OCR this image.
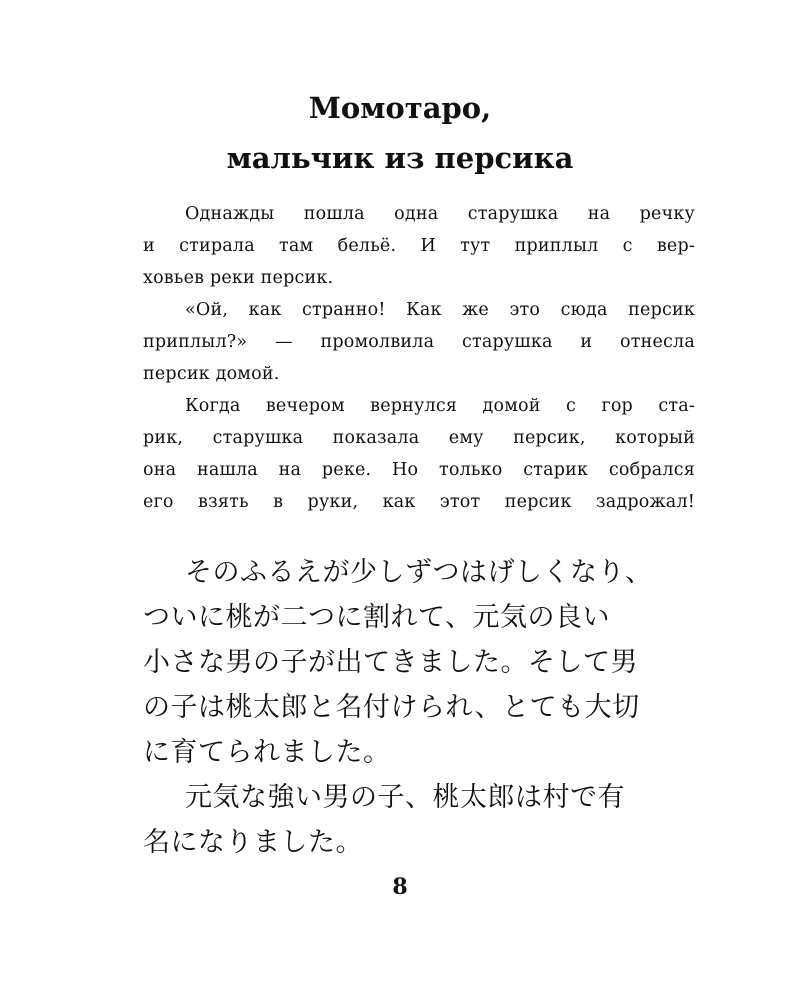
Момотаро,
мальчик из персика
Однажды пошла одна старушка на речку
и стирала там бельё. И тут приплыл с вер-
ховьев реки персик.
«Ой, как странно! Как же это сюда персик
приплыл?» — промолвила старушка и отнесла
персик домой.
Когда вечером вернулся домой с гор ста-
рик, старушка показала ему персик, который
она нашла на реке. Но только старик собрался
его взять в руки, как этот персик задрожал!
そのふるえが少しずつはげしくなり、
ついに桃が二つに割れて、元気の良い
小さな男の子が出てきました。そして男
の子は桃太郎と名付けられ、とても大切
に育てられました。
元気な強い男の子、桃太郎は村で有
名になりました。
8
